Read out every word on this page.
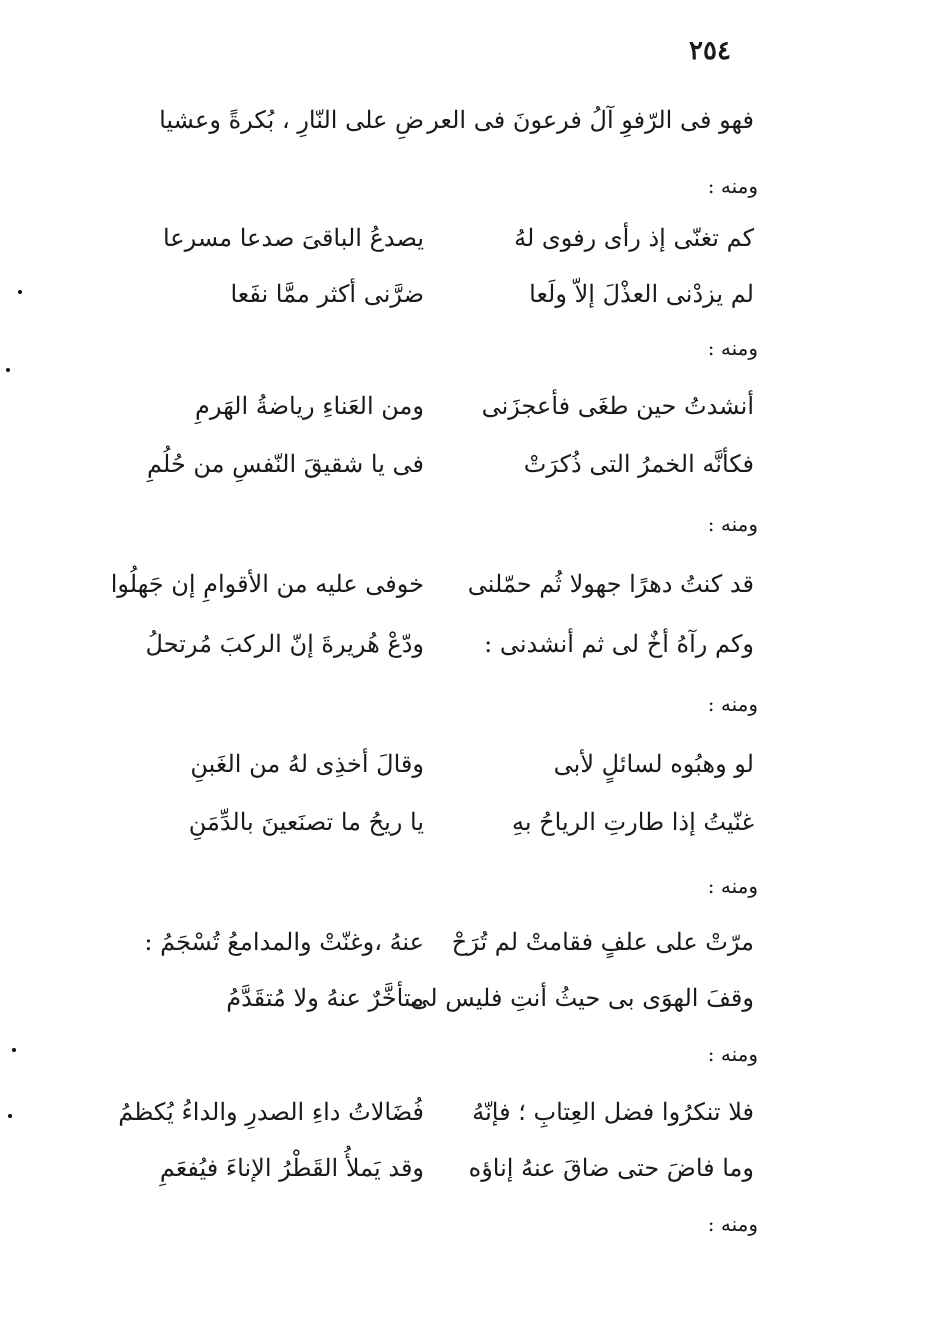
٢٥٤
فهو فى الرّفوِ آلُ فرعونَ فى العر
ضِ على النّارِ ، بُكرةً وعشيا
ومنه :
كم تغنّى إذ رأى رفوى لهُ
يصدعُ الباقىَ صدعا مسرعا
لم يزدْنى العذْلَ إلاّ ولَعا
ضرَّنى أكثر ممَّا نفَعا
ومنه :
أنشدتُ حين طغَى فأعجزَنى
ومن العَناءِ رياضةُ الهَرمِ
فكأنَّه الخمرُ التى ذُكرَتْ
فى يا شقيقَ النّفسِ من حُلُمِ
ومنه :
قد كنتُ دهرًا جهولا ثُم حمّلنى
خوفى عليه من الأقوامِ إن جَهلُوا
وكم رآهُ أخٌ لى ثم أنشدنى :
ودّعْ هُريرةَ إنّ الركبَ مُرتحلُ
ومنه :
لو وهبُوه لسائلٍ لأبى
وقالَ أخذِى لهُ من الغَبنِ
غنّيتُ إذا طارتِ الرياحُ بهِ
يا ريحُ ما تصنَعينَ بالدِّمَنِ
ومنه :
مرّتْ على علفٍ فقامتْ لم تُرَحْ
عنهُ ،وغنّتْ والمدامعُ تُسْجَمُ :
وقفَ الهوَى بى حيثُ أنتِ فليس لى
متأخَّرٌ عنهُ ولا مُتقَدَّمُ
ومنه :
فلا تنكرُوا فضل العِتابِ ؛ فإنّهُ
فُضَالاتُ داءِ الصدرِ والداءُ يُكظمُ
وما فاضَ حتى ضاقَ عنهُ إناؤه
وقد يَملأُ القَطْرُ الإناءَ فيُفعَمِ
ومنه :
